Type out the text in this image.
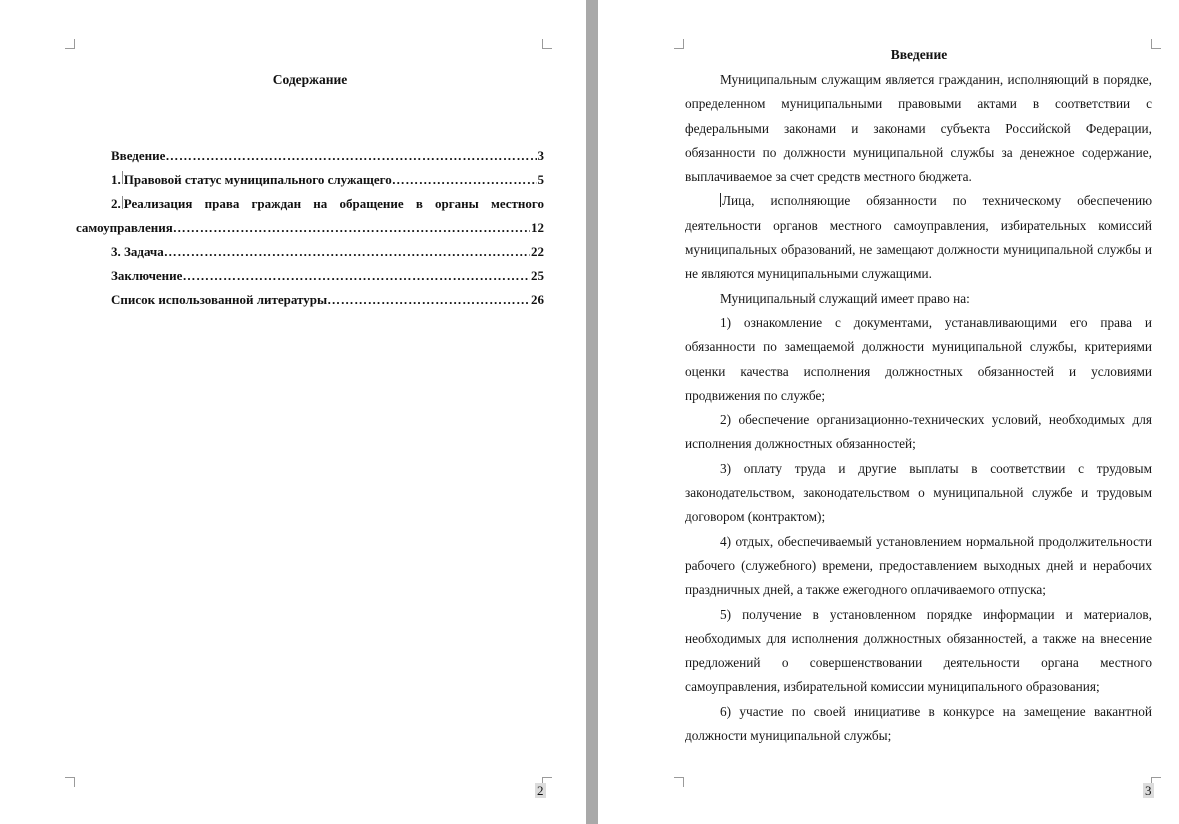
Содержание
Введение ……………………………………………………………………………………………………………………………	3
1. Правовой статус муниципального служащего ……………………………………………………………………………………………………………………………	5
2. Реализация права граждан на обращение в органы местного
самоуправления ……………………………………………………………………………………………………………………………	12
3. Задача ……………………………………………………………………………………………………………………………	22
Заключение ……………………………………………………………………………………………………………………………	25
Список использованной литературы ……………………………………………………………………………………………………………………………	26
2
Введение

Муниципальным служащим является гражданин, исполняющий в порядке, определенном муниципальными правовыми актами в соответствии с федеральными законами и законами субъекта Российской Федерации, обязанности по должности муниципальной службы за денежное содержание, выплачиваемое за счет средств местного бюджета.

Лица, исполняющие обязанности по техническому обеспечению деятельности органов местного самоуправления, избирательных комиссий муниципальных образований, не замещают должности муниципальной службы и не являются муниципальными служащими.

Муниципальный служащий имеет право на:

1) ознакомление с документами, устанавливающими его права и обязанности по замещаемой должности муниципальной службы, критериями оценки качества исполнения должностных обязанностей и условиями продвижения по службе;

2) обеспечение организационно-технических условий, необходимых для исполнения должностных обязанностей;

3) оплату труда и другие выплаты в соответствии с трудовым законодательством, законодательством о муниципальной службе и трудовым договором (контрактом);

4) отдых, обеспечиваемый установлением нормальной продолжительности рабочего (служебного) времени, предоставлением выходных дней и нерабочих праздничных дней, а также ежегодного оплачиваемого отпуска;

5) получение в установленном порядке информации и материалов, необходимых для исполнения должностных обязанностей, а также на внесение предложений о совершенствовании деятельности органа местного самоуправления, избирательной комиссии муниципального образования;

6) участие по своей инициативе в конкурсе на замещение вакантной должности муниципальной службы;

3
